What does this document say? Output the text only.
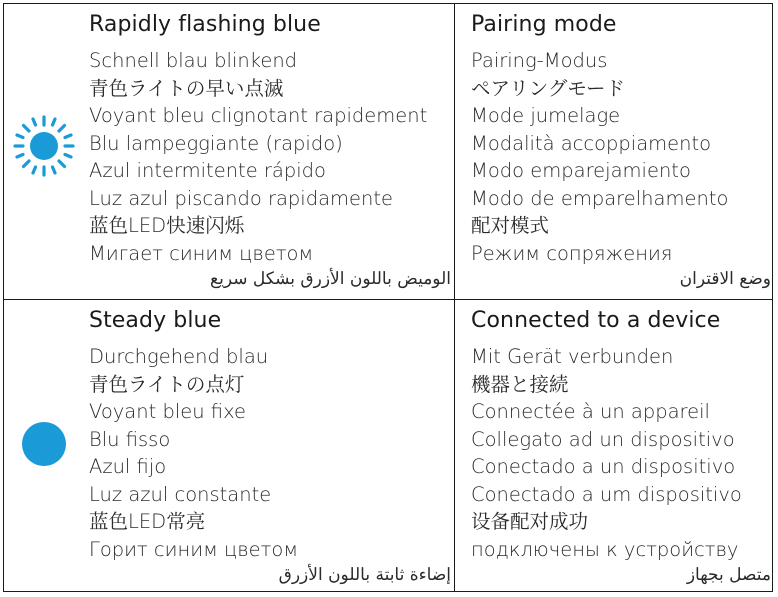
Rapidly flashing blue
Schnell blau blinkend
青色ライトの早い点滅
Voyant bleu clignotant rapidement
Blu lampeggiante (rapido)
Azul intermitente rápido
Luz azul piscando rapidamente
蓝色LED快速闪烁
Мигает синим цветом
الوميض باللون الأزرق بشكل سريع
Pairing mode
Pairing-Modus
ペアリングモード
Mode jumelage
Modalità accoppiamento
Modo emparejamiento
Modo de emparelhamento
配对模式
Режим сопряжения
وضع الاقتران
Steady blue
Durchgehend blau
青色ライトの点灯
Voyant bleu fixe
Blu fisso
Azul fijo
Luz azul constante
蓝色LED常亮
Горит синим цветом
إضاءة ثابتة باللون الأزرق
Connected to a device
Mit Gerät verbunden
機器と接続
Connectée à un appareil
Collegato ad un dispositivo
Conectado a un dispositivo
Conectado a um dispositivo
设备配对成功
подключены к устройству
متصل بجهاز
